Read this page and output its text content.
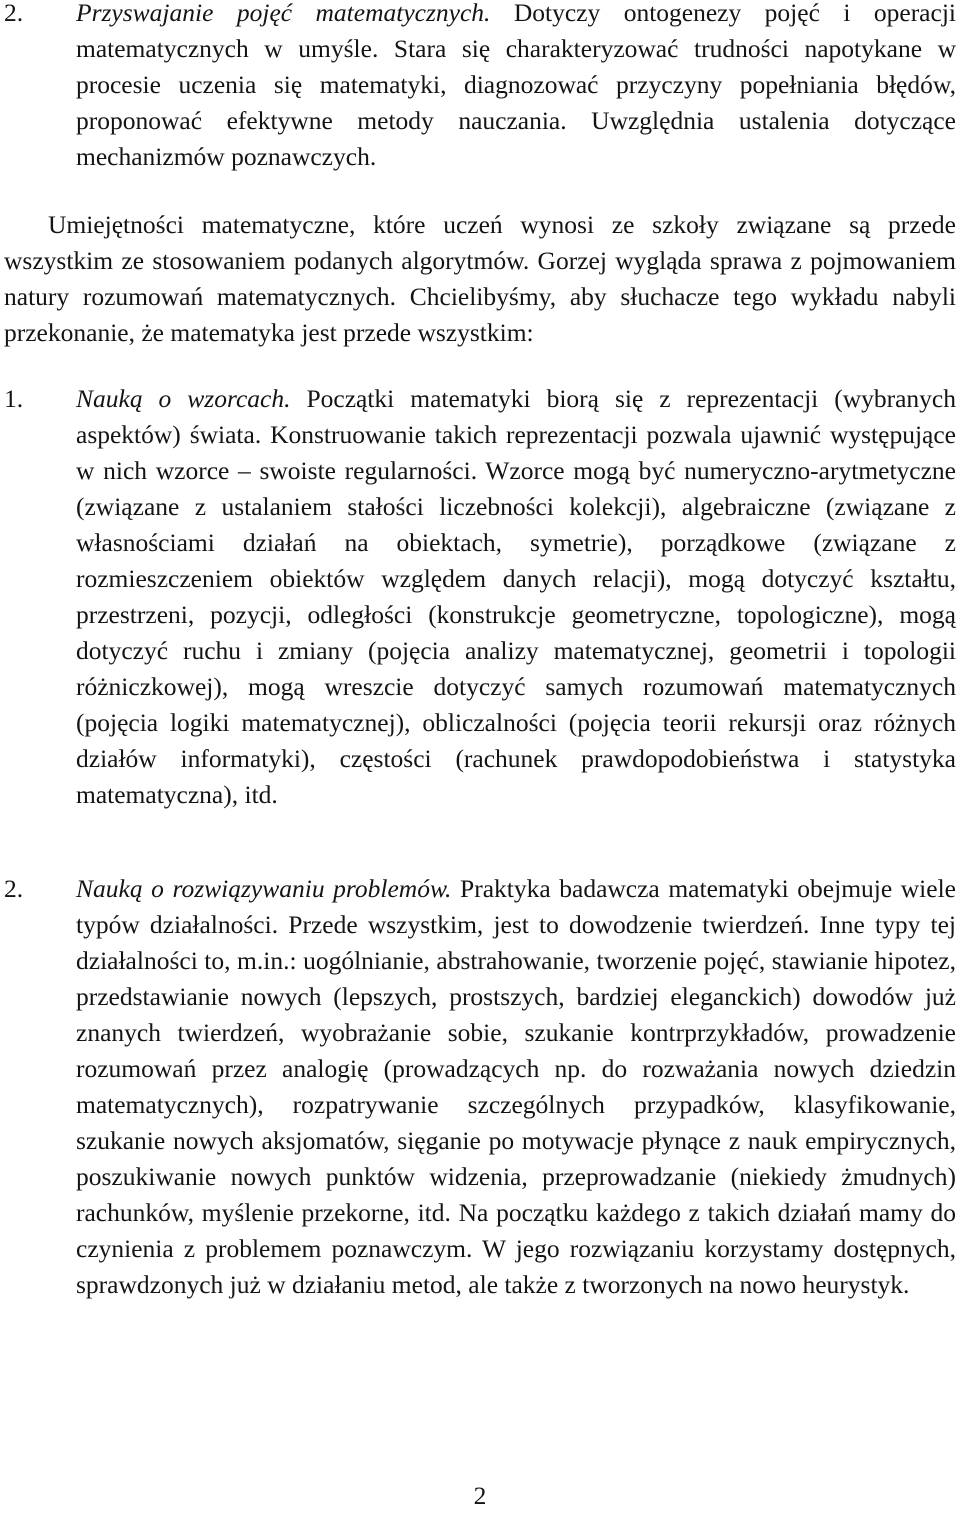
2. Przyswajanie pojęć matematycznych. Dotyczy ontogenezy pojęć i operacji matematycznych w umyśle. Stara się charakteryzować trudności napotykane w procesie uczenia się matematyki, diagnozować przyczyny popełniania błędów, proponować efektywne metody nauczania. Uwzględnia ustalenia dotyczące mechanizmów poznawczych.
Umiejętności matematyczne, które uczeń wynosi ze szkoły związane są przede wszystkim ze stosowaniem podanych algorytmów. Gorzej wygląda sprawa z pojmowaniem natury rozumowań matematycznych. Chcielibyśmy, aby słuchacze tego wykładu nabyli przekonanie, że matematyka jest przede wszystkim:
1. Nauką o wzorcach. Początki matematyki biorą się z reprezentacji (wybranych aspektów) świata. Konstruowanie takich reprezentacji pozwala ujawnić występujące w nich wzorce – swoiste regularności. Wzorce mogą być numeryczno-arytmetyczne (związane z ustalaniem stałości liczebności kolekcji), algebraiczne (związane z własnościami działań na obiektach, symetrie), porządkowe (związane z rozmieszczeniem obiektów względem danych relacji), mogą dotyczyć kształtu, przestrzeni, pozycji, odległości (konstrukcje geometryczne, topologiczne), mogą dotyczyć ruchu i zmiany (pojęcia analizy matematycznej, geometrii i topologii różniczkowej), mogą wreszcie dotyczyć samych rozumowań matematycznych (pojęcia logiki matematycznej), obliczalności (pojęcia teorii rekursji oraz różnych działów informatyki), częstości (rachunek prawdopodobieństwa i statystyka matematyczna), itd.
2. Nauką o rozwiązywaniu problemów. Praktyka badawcza matematyki obejmuje wiele typów działalności. Przede wszystkim, jest to dowodzenie twierdzeń. Inne typy tej działalności to, m.in.: uogólnianie, abstrahowanie, tworzenie pojęć, stawianie hipotez, przedstawianie nowych (lepszych, prostszych, bardziej eleganckich) dowodów już znanych twierdzeń, wyobrażanie sobie, szukanie kontrprzykładów, prowadzenie rozumowań przez analogię (prowadzących np. do rozważania nowych dziedzin matematycznych), rozpatrywanie szczególnych przypadków, klasyfikowanie, szukanie nowych aksjomatów, sięganie po motywacje płynące z nauk empirycznych, poszukiwanie nowych punktów widzenia, przeprowadzanie (niekiedy żmudnych) rachunków, myślenie przekorne, itd. Na początku każdego z takich działań mamy do czynienia z problemem poznawczym. W jego rozwiązaniu korzystamy dostępnych, sprawdzonych już w działaniu metod, ale także z tworzonych na nowo heurystyk.
2
